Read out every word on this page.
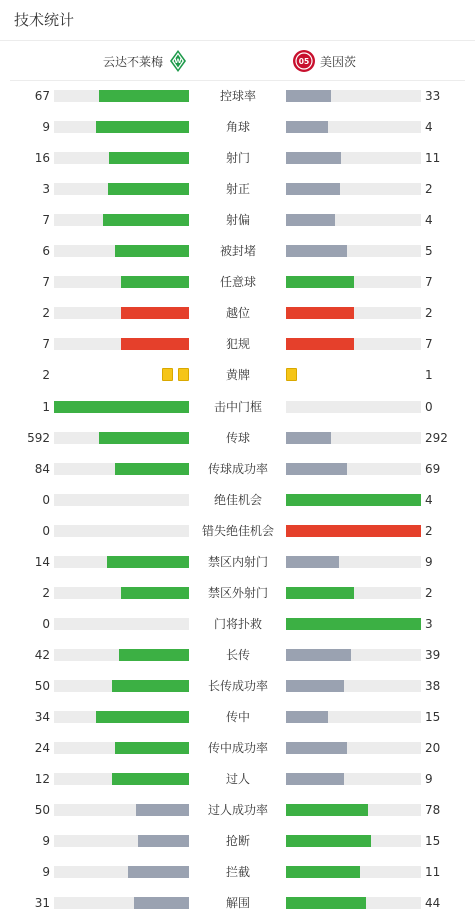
技术统计
云达不莱梅 W	05 美因茨
67	控球率	33
9	角球	4
16	射门	11
3	射正	2
7	射偏	4
6	被封堵	5
7	任意球	7
2	越位	2
7	犯规	7
2	黄牌	1
1	击中门框	0
592	传球	292
84	传球成功率	69
0	绝佳机会	4
0	错失绝佳机会	2
14	禁区内射门	9
2	禁区外射门	2
0	门将扑救	3
42	长传	39
50	长传成功率	38
34	传中	15
24	传中成功率	20
12	过人	9
50	过人成功率	78
9	抢断	15
9	拦截	11
31	解围	44
